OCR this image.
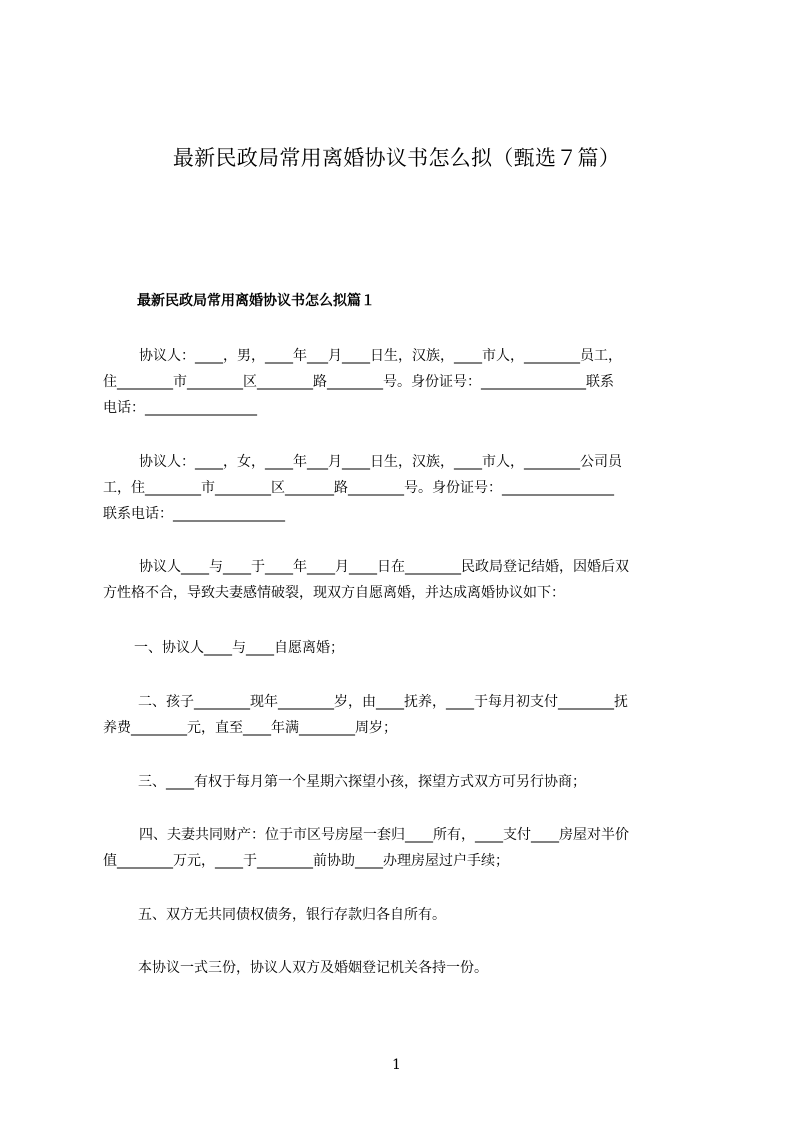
最新民政局常用离婚协议书怎么拟（甄选７篇）
最新民政局常用离婚协议书怎么拟篇１
协议人：____，男，____年___月____日生，汉族，____市人，________员工，
住________市________区________路________号。身份证号：_______________联系
电话：________________
协议人：____，女，____年___月____日生，汉族，____市人，________公司员
工，住________市________区_______路________号。身份证号：________________
联系电话：________________
协议人____与____于____年____月____日在________民政局登记结婚，因婚后双
方性格不合，导致夫妻感情破裂，现双方自愿离婚，并达成离婚协议如下：
一、协议人____与____自愿离婚；
二、孩子________现年________岁，由____抚养，____于每月初支付________抚
养费________元，直至____年满________周岁；
三、____有权于每月第一个星期六探望小孩，探望方式双方可另行协商；
四、夫妻共同财产：位于市区号房屋一套归____所有，____支付____房屋对半价
值________万元，____于________前协助____办理房屋过户手续；
五、双方无共同债权债务，银行存款归各自所有。
本协议一式三份，协议人双方及婚姻登记机关各持一份。
1
